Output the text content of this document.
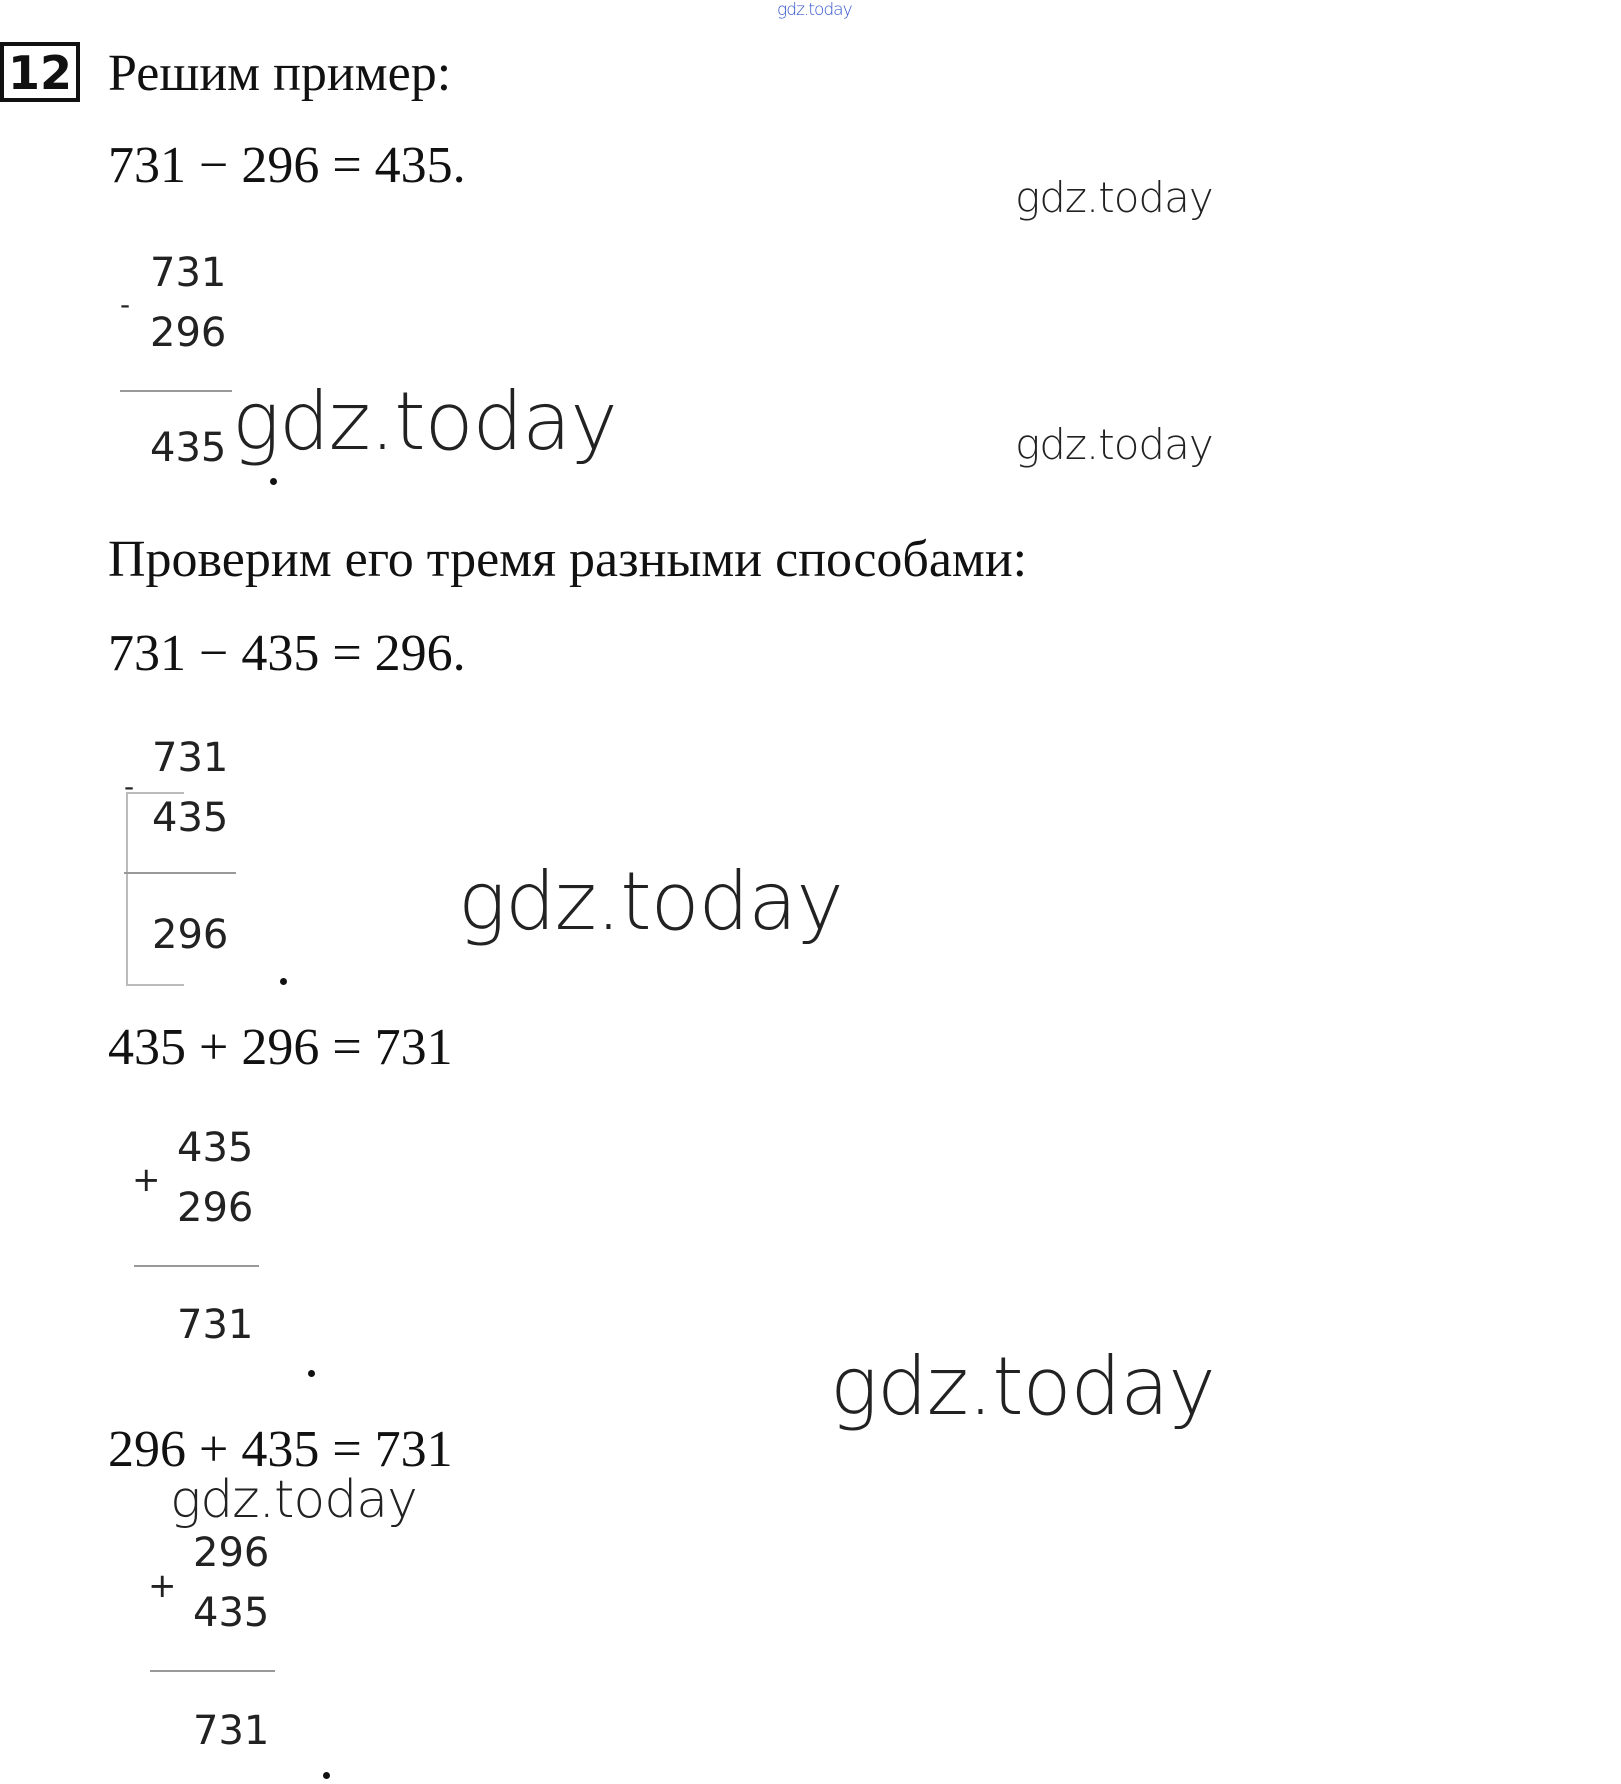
gdz.today
12 Решим пример:
731 − 296 = 435.
gdz.today
-
731
296
435 gdz.today	gdz.today
Проверим его тремя разными способами:
731 − 435 = 296.
-
731
435
296	gdz.today
435 + 296 = 731
+
435
296
731
gdz.today
296 + 435 = 731
gdz.today
+
296
435
731
